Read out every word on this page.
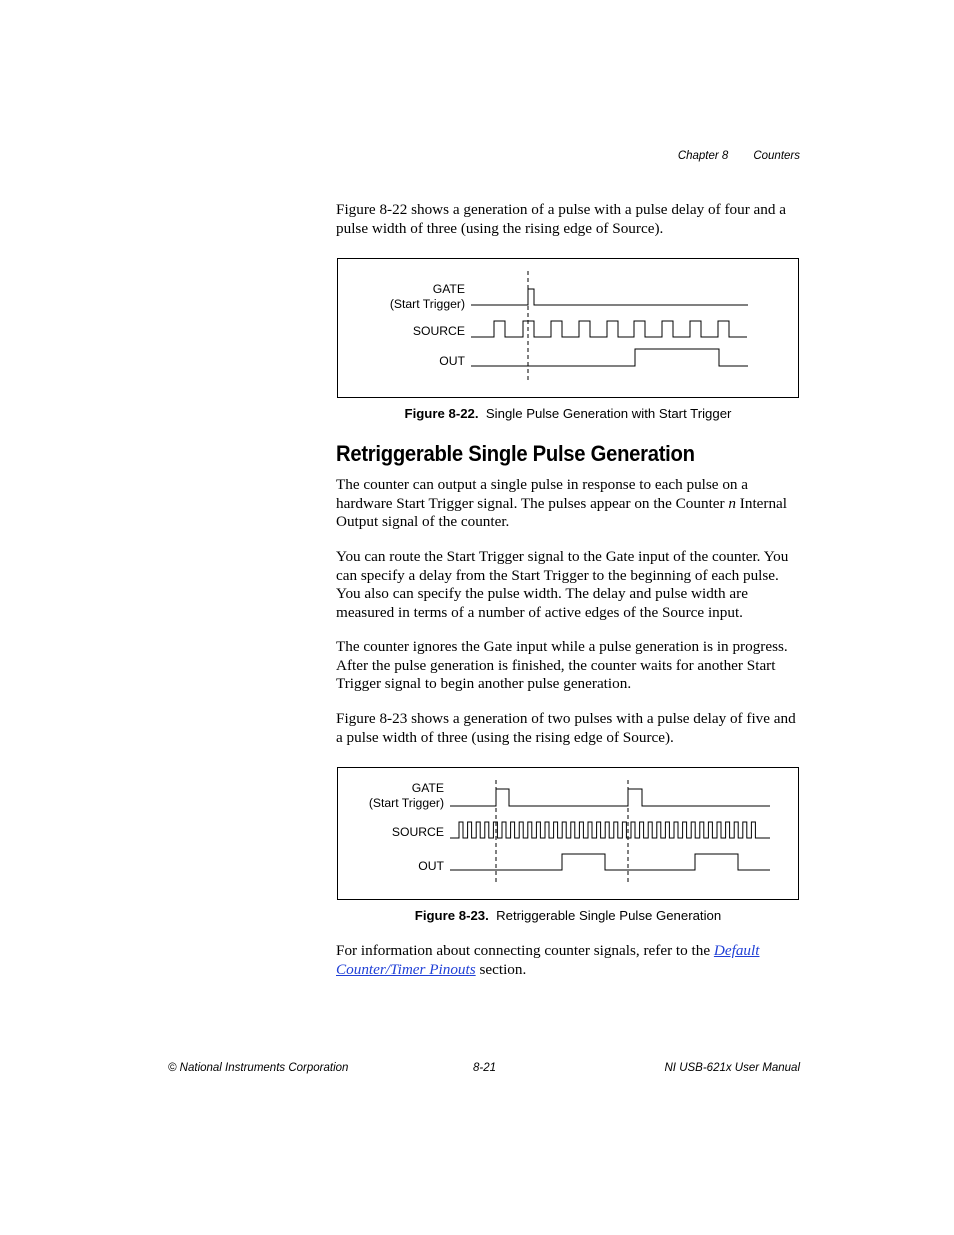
Chapter 8 Counters
Figure 8-22 shows a generation of a pulse with a pulse delay of four and a pulse width of three (using the rising edge of Source).
GATE
(Start Trigger)
SOURCE
OUT
Figure 8-22. Single Pulse Generation with Start Trigger
Retriggerable Single Pulse Generation
The counter can output a single pulse in response to each pulse on a hardware Start Trigger signal. The pulses appear on the Counter n Internal Output signal of the counter.
You can route the Start Trigger signal to the Gate input of the counter. You can specify a delay from the Start Trigger to the beginning of each pulse. You also can specify the pulse width. The delay and pulse width are measured in terms of a number of active edges of the Source input.
The counter ignores the Gate input while a pulse generation is in progress. After the pulse generation is finished, the counter waits for another Start Trigger signal to begin another pulse generation.
Figure 8-23 shows a generation of two pulses with a pulse delay of five and a pulse width of three (using the rising edge of Source).
GATE
(Start Trigger)
SOURCE
OUT
Figure 8-23. Retriggerable Single Pulse Generation
For information about connecting counter signals, refer to the Default Counter/Timer Pinouts section.
© National Instruments Corporation	8-21	NI USB-621x User Manual
